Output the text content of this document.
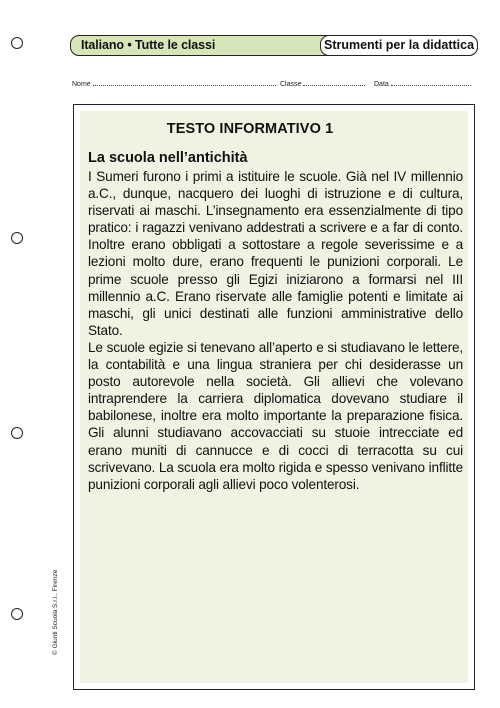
Italiano • Tutte le classi	Strumenti per la didattica
Nome	Classe	Data
TESTO INFORMATIVO 1
La scuola nell’antichità

I Sumeri furono i primi a istituire le scuole. Già nel IV millennio a.C., dunque, nacquero dei luoghi di istruzione e di cultura, riservati ai maschi. L’insegnamento era essenzialmente di tipo pratico: i ragazzi venivano addestrati a scrivere e a far di conto. Inoltre erano obbligati a sottostare a regole severissime e a lezioni molto dure, erano frequenti le punizioni corporali. Le prime scuole presso gli Egizi iniziarono a formarsi nel III millennio a.C. Erano riservate alle famiglie potenti e limitate ai maschi, gli unici destinati alle funzioni amministrative dello Stato.

Le scuole egizie si tenevano all’aperto e si studiavano le lettere, la contabilità e una lingua straniera per chi desiderasse un posto autorevole nella società. Gli allievi che volevano intraprendere la carriera diplomatica dovevano studiare il babilonese, inoltre era molto importante la preparazione fisica. Gli alunni studiavano accovacciati su stuoie intrecciate ed erano muniti di cannucce e di cocci di terracotta su cui scrivevano. La scuola era molto rigida e spesso venivano inflitte punizioni corporali agli allievi poco volenterosi.

© Giunti Scuola S.r.l., Firenze
